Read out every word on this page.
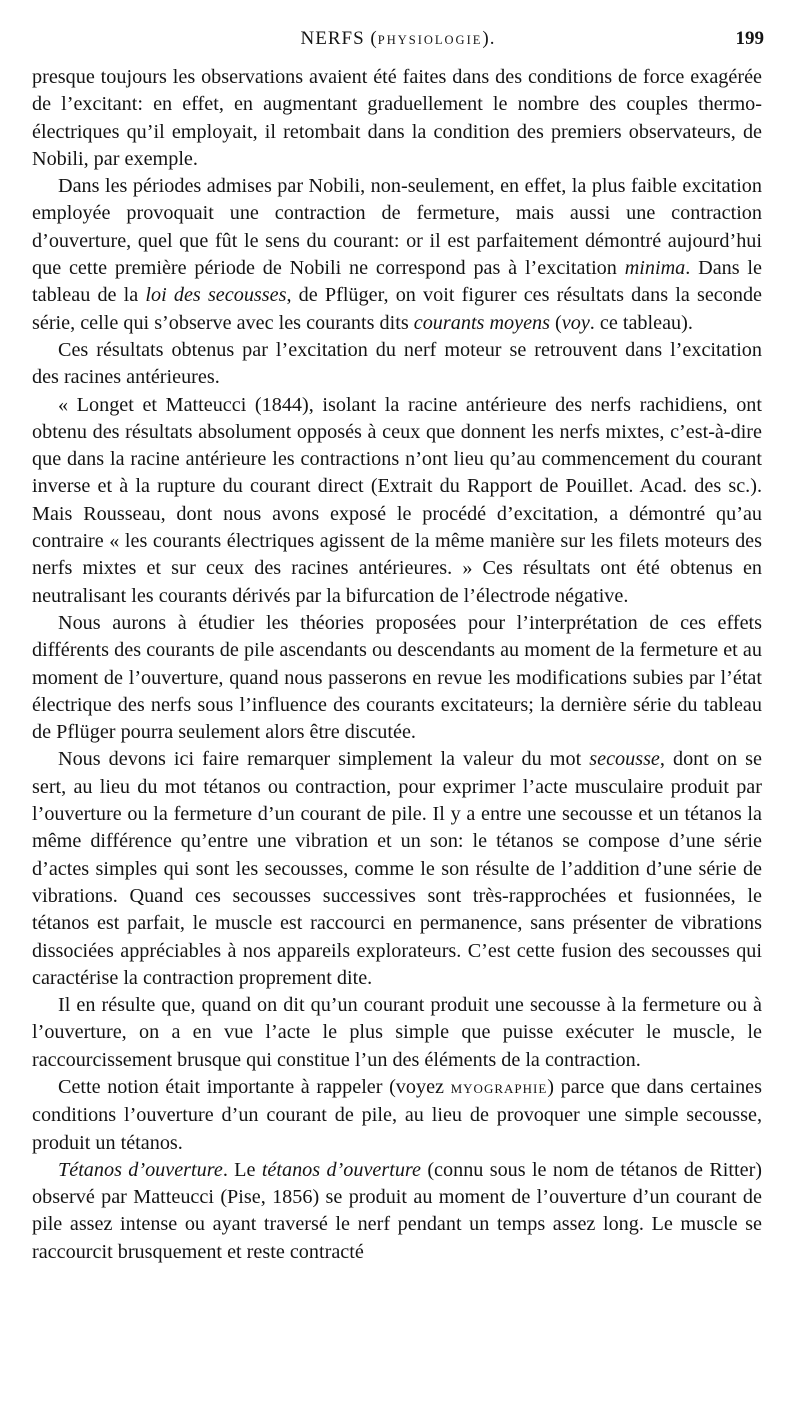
NERFS (PHYSIOLOGIE).	199

presque toujours les observations avaient été faites dans des conditions de force exagérée de l’excitant: en effet, en augmentant graduellement le nombre des couples thermo-électriques qu’il employait, il retombait dans la condition des premiers observateurs, de Nobili, par exemple.

Dans les périodes admises par Nobili, non-seulement, en effet, la plus faible excitation employée provoquait une contraction de fermeture, mais aussi une contraction d’ouverture, quel que fût le sens du courant: or il est parfaitement démontré aujourd’hui que cette première période de Nobili ne correspond pas à l’excitation minima. Dans le tableau de la loi des secousses, de Pflüger, on voit figurer ces résultats dans la seconde série, celle qui s’observe avec les courants dits courants moyens (voy. ce tableau).

Ces résultats obtenus par l’excitation du nerf moteur se retrouvent dans l’excitation des racines antérieures.

« Longet et Matteucci (1844), isolant la racine antérieure des nerfs rachidiens, ont obtenu des résultats absolument opposés à ceux que donnent les nerfs mixtes, c’est-à-dire que dans la racine antérieure les contractions n’ont lieu qu’au commencement du courant inverse et à la rupture du courant direct (Extrait du Rapport de Pouillet. Acad. des sc.). Mais Rousseau, dont nous avons exposé le procédé d’excitation, a démontré qu’au contraire « les courants électriques agissent de la même manière sur les filets moteurs des nerfs mixtes et sur ceux des racines antérieures. » Ces résultats ont été obtenus en neutralisant les courants dérivés par la bifurcation de l’électrode négative.

Nous aurons à étudier les théories proposées pour l’interprétation de ces effets différents des courants de pile ascendants ou descendants au moment de la fermeture et au moment de l’ouverture, quand nous passerons en revue les modifications subies par l’état électrique des nerfs sous l’influence des courants excitateurs; la dernière série du tableau de Pflüger pourra seulement alors être discutée.

Nous devons ici faire remarquer simplement la valeur du mot secousse, dont on se sert, au lieu du mot tétanos ou contraction, pour exprimer l’acte musculaire produit par l’ouverture ou la fermeture d’un courant de pile. Il y a entre une secousse et un tétanos la même différence qu’entre une vibration et un son: le tétanos se compose d’une série d’actes simples qui sont les secousses, comme le son résulte de l’addition d’une série de vibrations. Quand ces secousses successives sont très-rapprochées et fusionnées, le tétanos est parfait, le muscle est raccourci en permanence, sans présenter de vibrations dissociées appréciables à nos appareils explorateurs. C’est cette fusion des secousses qui caractérise la contraction proprement dite.

Il en résulte que, quand on dit qu’un courant produit une secousse à la fermeture ou à l’ouverture, on a en vue l’acte le plus simple que puisse exécuter le muscle, le raccourcissement brusque qui constitue l’un des éléments de la contraction.

Cette notion était importante à rappeler (voyez MYOGRAPHIE) parce que dans certaines conditions l’ouverture d’un courant de pile, au lieu de provoquer une simple secousse, produit un tétanos.

Tétanos d’ouverture. Le tétanos d’ouverture (connu sous le nom de tétanos de Ritter) observé par Matteucci (Pise, 1856) se produit au moment de l’ouverture d’un courant de pile assez intense ou ayant traversé le nerf pendant un temps assez long. Le muscle se raccourcit brusquement et reste contracté
